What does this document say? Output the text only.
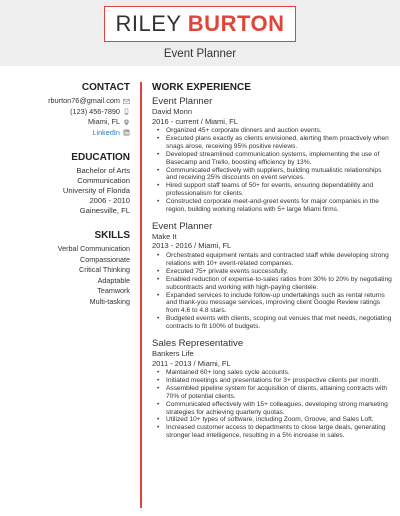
RILEY BURTON
Event Planner
CONTACT
rburton76@gmail.com
(123) 456-7890
Miami, FL
LinkedIn
EDUCATION
Bachelor of Arts
Communication
University of Florida
2006 - 2010
Gainesville, FL
SKILLS
Verbal Communication
Compassionate
Critical Thinking
Adaptable
Teamwork
Multi-tasking
WORK EXPERIENCE
Event Planner
David Monn
2016 - current / Miami, FL
• Organized 45+ corporate dinners and auction events.
• Executed plans exactly as clients envisioned, alerting them proactively when snags arose, receiving 95% positive reviews.
• Developed streamlined communication systems, implementing the use of Basecamp and Trello, boosting efficiency by 13%.
• Communicated effectively with suppliers, building mutualistic relationships and receiving 25% discounts on event services.
• Hired support staff teams of 50+ for events, ensuring dependability and professionalism for clients.
• Constructed corporate meet-and-greet events for major companies in the region, building working relations with 5+ large Miami firms.
Event Planner
Make It
2013 - 2016 / Miami, FL
• Orchestrated equipment rentals and contracted staff while developing strong relations with 10+ event-related companies.
• Executed 75+ private events successfully.
• Enabled reduction of expense-to-sales ratios from 30% to 20% by negotiating subcontracts and working with high-paying clientele.
• Expanded services to include follow-up undertakings such as rental returns and thank-you message services, improving client Google Review ratings from 4.6 to 4.8 stars.
• Budgeted events with clients, scoping out venues that met needs, negotiating contracts to fit 100% of budgets.
Sales Representative
Bankers Life
2011 - 2013 / Miami, FL
• Maintained 60+ long sales cycle accounts.
• Initiated meetings and presentations for 3+ prospective clients per month.
• Assembled pipeline system for acquisition of clients, attaining contracts with 70% of potential clients.
• Communicated effectively with 15+ colleagues, developing strong marketing strategies for achieving quarterly quotas.
• Utilized 10+ types of software, including Zoom, Groove, and Sales Loft.
• Increased customer access to departments to close large deals, generating stronger lead intelligence, resulting in a 5% increase in sales.
